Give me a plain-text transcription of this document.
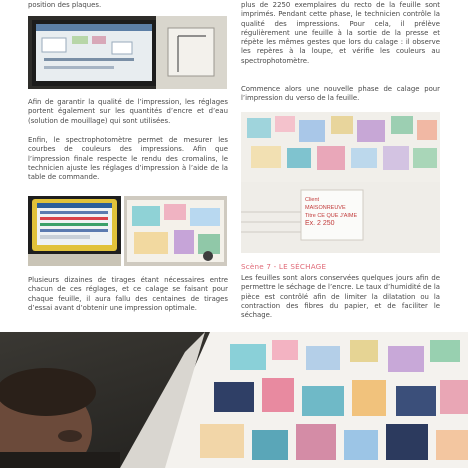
position des plaques.

Afin de garantir la qualité de l’impression, les réglages portent également sur les quantités d’encre et d’eau (solution de mouillage) qui sont utilisées.

Enfin, le spectrophotomètre permet de mesurer les courbes de couleurs des impressions. Afin que l’impression finale respecte le rendu des cromalins, le technicien ajuste les réglages d’impression à l’aide de la table de commande.

Plusieurs dizaines de tirages étant nécessaires entre chacun de ces réglages, et ce calage se faisant pour chaque feuille, il aura fallu des centaines de tirages d’essai avant d’obtenir une impression optimale.

plus de 2250 exemplaires du recto de la feuille sont imprimés. Pendant cette phase, le technicien contrôle la qualité des impressions. Pour cela, il prélève régulièrement une feuille à la sortie de la presse et répète les mêmes gestes que lors du calage : il observe les repères à la loupe, et vérifie les couleurs au spectrophotomètre.

Commence alors une nouvelle phase de calage pour l’impression du verso de la feuille.

Client MAISONREUVE
Titre CE QUE J'AIME
Ex. 2 250
Scène 7 - LE SÉCHAGE

Les feuilles sont alors conservées quelques jours afin de permettre le séchage de l’encre. Le taux d’humidité de la pièce est contrôlé afin de limiter la dilatation ou la contraction des fibres du papier, et de faciliter le séchage.
